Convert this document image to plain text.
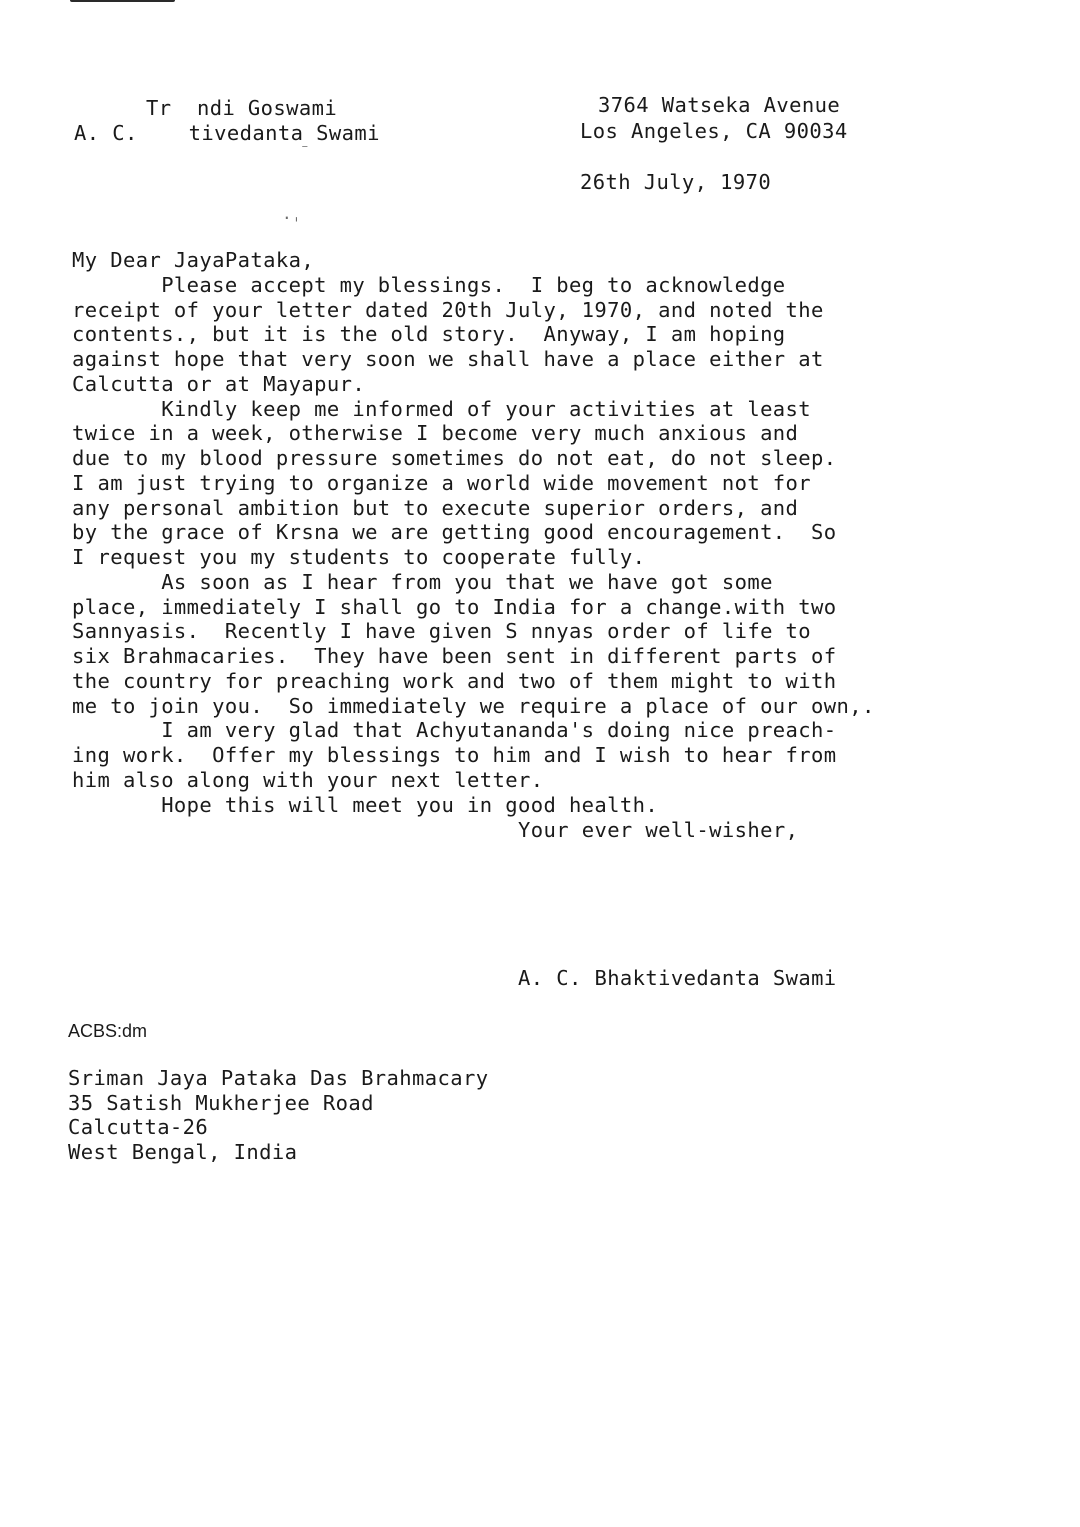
Tr  ndi Goswami
A. C.    tivedanta Swami
⁻
.ˌ
3764 Watseka Avenue
Los Angeles, CA 90034
26th July, 1970
My Dear JayaPataka,
Please accept my blessings.  I beg to acknowledge
receipt of your letter dated 20th July, 1970, and noted the
contents., but it is the old story.  Anyway, I am hoping
against hope that very soon we shall have a place either at
Calcutta or at Mayapur.
Kindly keep me informed of your activities at least
twice in a week, otherwise I become very much anxious and
due to my blood pressure sometimes do not eat, do not sleep.
I am just trying to organize a world wide movement not for
any personal ambition but to execute superior orders, and
by the grace of Krsna we are getting good encouragement.  So
I request you my students to cooperate fully.
As soon as I hear from you that we have got some
place, immediately I shall go to India for a change.with two
Sannyasis.  Recently I have given S nnyas order of life to
six Brahmacaries.  They have been sent in different parts of
the country for preaching work and two of them might to with
me to join you.  So immediately we require a place of our own,.
I am very glad that Achyutananda's doing nice preach-
ing work.  Offer my blessings to him and I wish to hear from
him also along with your next letter.
Hope this will meet you in good health.
Your ever well-wisher,
A. C. Bhaktivedanta Swami
ACBS:dm
Sriman Jaya Pataka Das Brahmacary
35 Satish Mukherjee Road
Calcutta-26
West Bengal, India
